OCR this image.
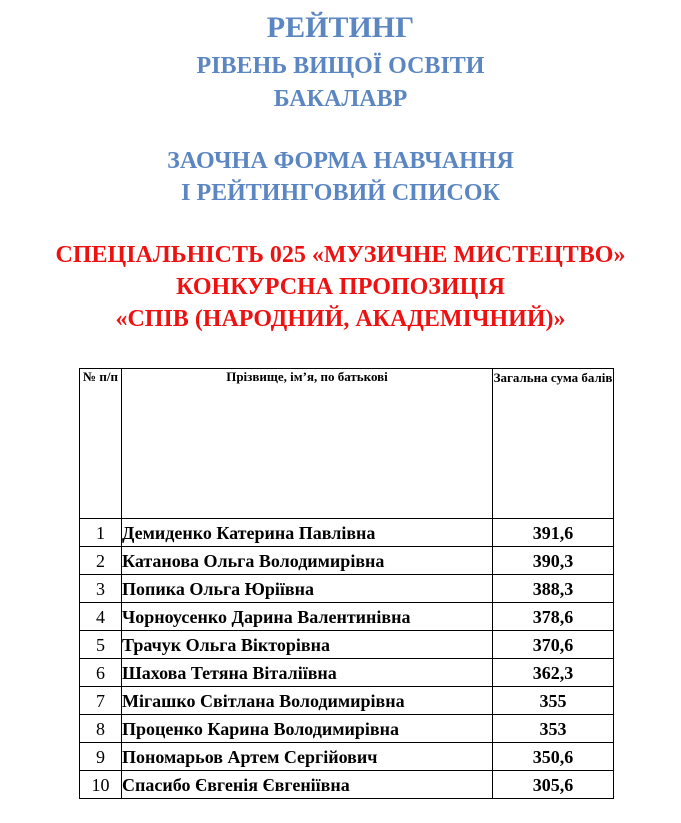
РЕЙТИНГ
РІВЕНЬ ВИЩОЇ ОСВІТИ
БАКАЛАВР
ЗАОЧНА ФОРМА НАВЧАННЯ
І РЕЙТИНГОВИЙ СПИСОК
СПЕЦІАЛЬНІСТЬ 025 «МУЗИЧНЕ МИСТЕЦТВО»
КОНКУРСНА ПРОПОЗИЦІЯ
«СПІВ (НАРОДНИЙ, АКАДЕМІЧНИЙ)»
№ п/п	Прізвище, ім’я, по батькові	Загальна сума балів
1	Демиденко Катерина Павлівна	391,6
2	Катанова Ольга Володимирівна	390,3
3	Попика Ольга Юріївна	388,3
4	Чорноусенко Дарина Валентинівна	378,6
5	Трачук Ольга Вікторівна	370,6
6	Шахова Тетяна Віталіївна	362,3
7	Мігашко Світлана Володимирівна	355
8	Проценко Карина Володимирівна	353
9	Пономарьов Артем Сергійович	350,6
10	Спасибо Євгенія Євгеніївна	305,6
